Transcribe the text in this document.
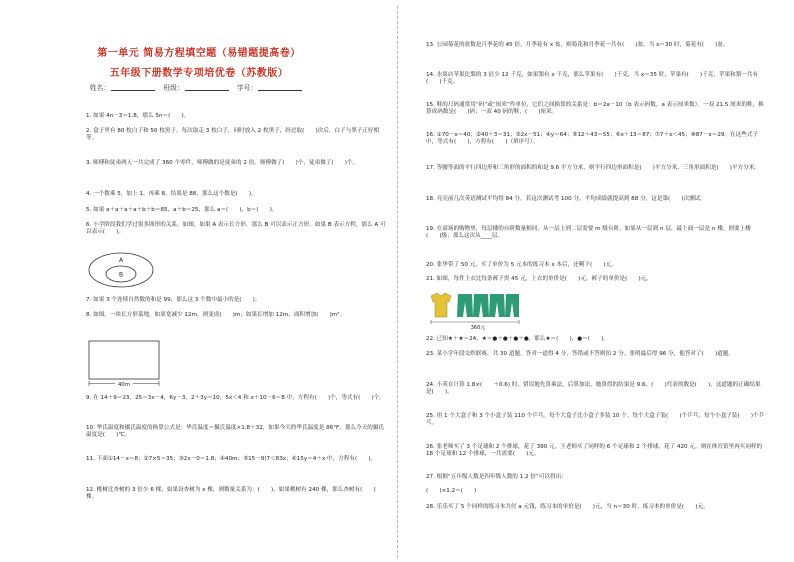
第一单元 简易方程填空题（易错题提高卷）
五年级下册数学专项培优卷（苏教版）
姓名：	班级：	学号：
1. 如果 4n－3＝1.8，那么 5n＝(　　)。
2. 盒子里有 80 枚白子和 50 枚黑子。每次取走 3 枚白子，同时放入 2 枚黑子，经过取(　　)次后，白子与黑子正好相等。
3. 师傅和徒弟两人一共完成了 360 个零件，师傅做的是徒弟的 2 倍。师傅做了(　　)个，徒弟做了(　　)个。
4. 一个数乘 5，加上 1，再乘 8，结果是 88，那么这个数是(　　)。
5. 如果 a＋a＋a＋a＋b＋b＝65，a＋b＝25，那么 a＝(　　)，b＝(　　)。
6. 小学阶段我们学过很多图形的关系。如图，如果 A 表示长方形，那么 B 可以表示正方形。如果 B 表示方程，那么 A 可以表示(　　)。
A
B
7. 如果 3 个连续自然数的和是 99，那么这 3 个数中最小的是(　　)。
8. 如图，一块长方形菜地，如果宽减少 12m，则变成(　　)m；如果长增加 12m，面积增加(　　)m²。
40m
9. 在 14＋9＝23，25＝3x－4，6y－3，2＋3y＝10，5x＜4 和 x＋10－6＝8 中，方程有(　　)个，等式有(　　)个。
10. 华氏温度和摄氏温度的换算公式是：华氏温度＝摄氏温度×1.8＋32，如果今天的华氏温度是 86°F，那么今天的摄氏温度是(　　)℃。
11. 下面①14－x＝8；②7×5＝35；③2x－0＝1.8；④40m；⑤15－9⟨7＜83x；⑥15y＝4＋x 中，方程有(　　)。
12. 桃树比杏树的 3 倍少 6 棵，如果设杏树为 x 棵，则数量关系为：(　　)。如果桃树有 240 棵，那么杏树有(　　)棵。
13. 公园菊花的盆数是月季花的 45 倍，月季花有 x 盆，则菊花和月季花一共有(　　)盆，当 x＝30 时，菊花有(　　)盆。
14. 水果店苹果比梨的 3 倍少 12 千克，如果梨有 x 千克，那么苹果有(　　)千克，当 x＝35 时，苹果有(　　)千克，苹果和梨一共有(　　)千克。
15. 鞋的尺码通常用“码”或“厘米”作单位，它们之间换算的关系是：b＝2a－10（b 表示码数，a 表示厘米数）。一双 21.5 厘米的鞋，换算成码数是(　　)码；一双 40 码的鞋，(　　)厘米。
16. ①70－x＝40；②40＋3＝31；③2x－51；④y＝64；⑤12＋43＝55；⑥x＋13＝87；⑦7＋x＜45；⑧87－x＝29。在这些式子中，等式有(　　)，方程有(　　)（填序号）。
17. 等腰等面的平行四边形和三角形的面积的和是 9.6 平方分米，则平行四边形面积是(　　)平方分米，三角形面积是(　　)平方分米。
18. 亮亮前几次英语测试平均得 84 分，若这次测试考 100 分，平均成绩就提高到 88 分，这是第(　　)次测试。
19. 在商场的购物里，每层楼的台阶数量相同，从一层上到二层需要 m 级台阶，如果从一层到 n 层，最上面一层是 n 楼，则要上楼(　　)级；那么这次从____层。
20. 张华带了 50 元，买了单价为 5 元本的练习本 x 本后，还剩下(　　)元。
21. 如图，每件上衣比每条裤子贵 45 元，上衣的单价是(　　)元，裤子的单价是(　　)元。
360元
22. 已知★＋★＝24，★＝●＋●＋●＋●，那么★＝(　　)，●＝(　　)。
23. 某小学年段交织联赛，共 30 道题，答对一道得 4 分，答错或不答则扣 2 分。张明最后得 96 分，他答对了(　　)道题。
24. 小英在计算 1.8×(　　＋0.6) 时，错误地先算乘法，后算加法，她算得的结果是 9.6。(　　)代表的数是(　　)，这道题的正确结果是(　　)。
25. 用 1 个大盒子和 3 个小盒子装 110 个乒乓。每个大盒子比小盒子多装 10 个。每个大盒子装(　　)个乒乓，每个小盒子装(　　)个乒乓。
26. 张老师买了 3 个足球和 2 个排球，花了 390 元。王老师买了同样的 6 个足球和 2 个排球，花了 420 元。则在体育馆里再买同样的 18 个足球和 12 个排球，一共需要(　　)元。
27. 根据“五年级人数是四年级人数的 1.2 倍”可以得出：
(　　)×1.2＝(　　)
28. 乐乐买了 5 个同样的练习本共付 a 元钱，练习本的单价是(　　)元，当 n＝30 时，练习本的单价是(　　)元。
